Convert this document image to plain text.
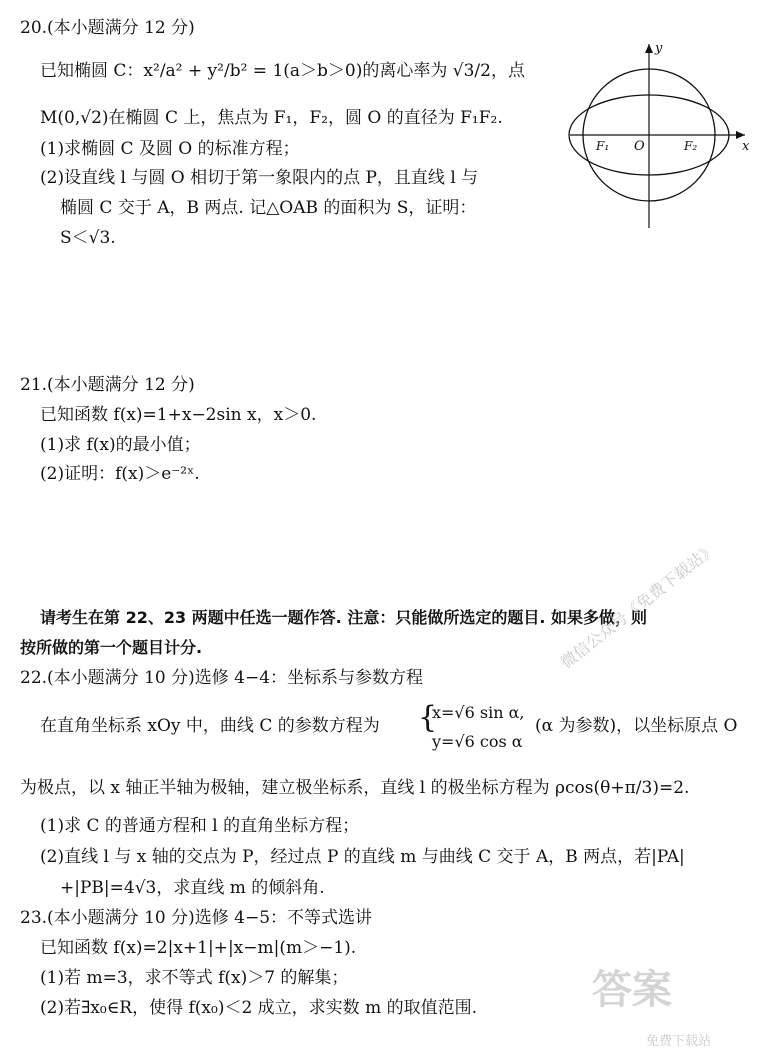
20.(本小题满分 12 分)
已知椭圆 C：x²/a² + y²/b² = 1(a＞b＞0)的离心率为 √3/2，点
M(0,√2)在椭圆 C 上，焦点为 F₁，F₂，圆 O 的直径为 F₁F₂.
(1)求椭圆 C 及圆 O 的标准方程；
(2)设直线 l 与圆 O 相切于第一象限内的点 P，且直线 l 与
椭圆 C 交于 A，B 两点. 记△OAB 的面积为 S，证明：
S＜√3.
y
x
O
F₁	F₂
21.(本小题满分 12 分)
已知函数 f(x)=1+x−2sin x，x＞0.
(1)求 f(x)的最小值；
(2)证明：f(x)＞e⁻²ˣ.
请考生在第 22、23 两题中任选一题作答. 注意：只能做所选定的题目. 如果多做，则
按所做的第一个题目计分.
22.(本小题满分 10 分)选修 4−4：坐标系与参数方程
在直角坐标系 xOy 中，曲线 C 的参数方程为 {
x=√6 sin α,
y=√6 cos α
(α 为参数)，以坐标原点 O
为极点，以 x 轴正半轴为极轴，建立极坐标系，直线 l 的极坐标方程为 ρcos(θ+π/3)=2.
(1)求 C 的普通方程和 l 的直角坐标方程；
(2)直线 l 与 x 轴的交点为 P，经过点 P 的直线 m 与曲线 C 交于 A，B 两点，若|PA|
+|PB|=4√3，求直线 m 的倾斜角.
23.(本小题满分 10 分)选修 4−5：不等式选讲
已知函数 f(x)=2|x+1|+|x−m|(m＞−1).
(1)若 m=3，求不等式 f(x)＞7 的解集；
(2)若∃x₀∈R，使得 f(x₀)＜2 成立，求实数 m 的取值范围.
微信公众号《免费下载站》
答案
免费下载站
